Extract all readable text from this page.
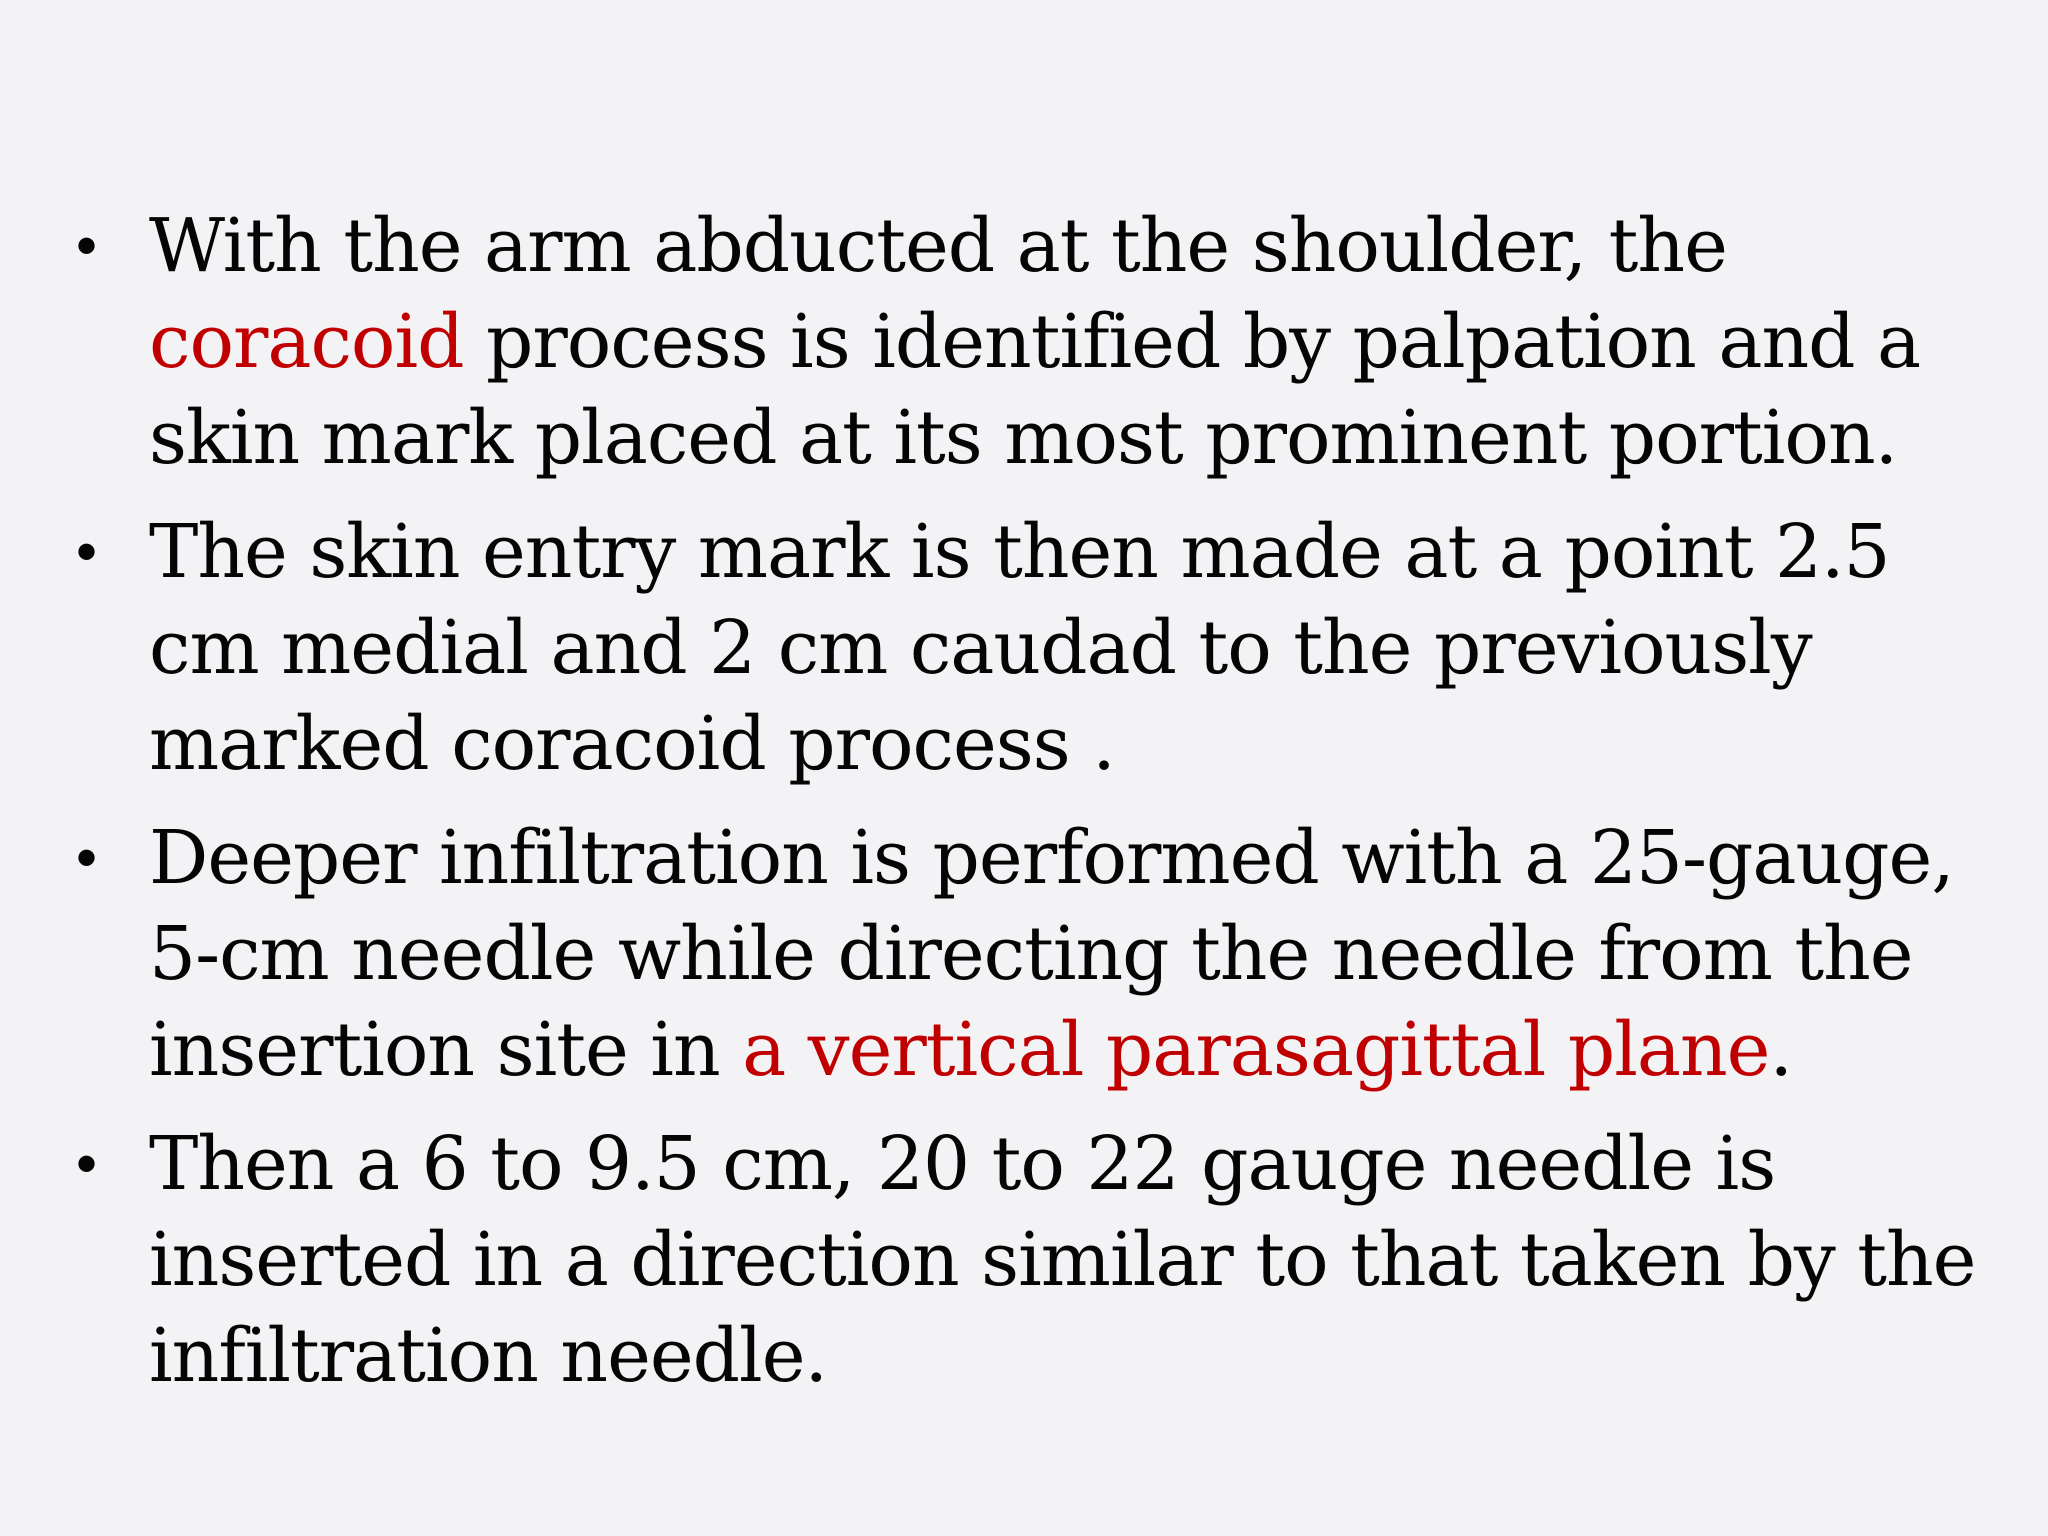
• With the arm abducted at the shoulder, the coracoid process is identified by palpation and a skin mark placed at its most prominent portion.
• The skin entry mark is then made at a point 2.5 cm medial and 2 cm caudad to the previously marked coracoid process .
• Deeper infiltration is performed with a 25-gauge, 5-cm needle while directing the needle from the insertion site in a vertical parasagittal plane.
• Then a 6 to 9.5 cm, 20 to 22 gauge needle is inserted in a direction similar to that taken by the infiltration needle.
